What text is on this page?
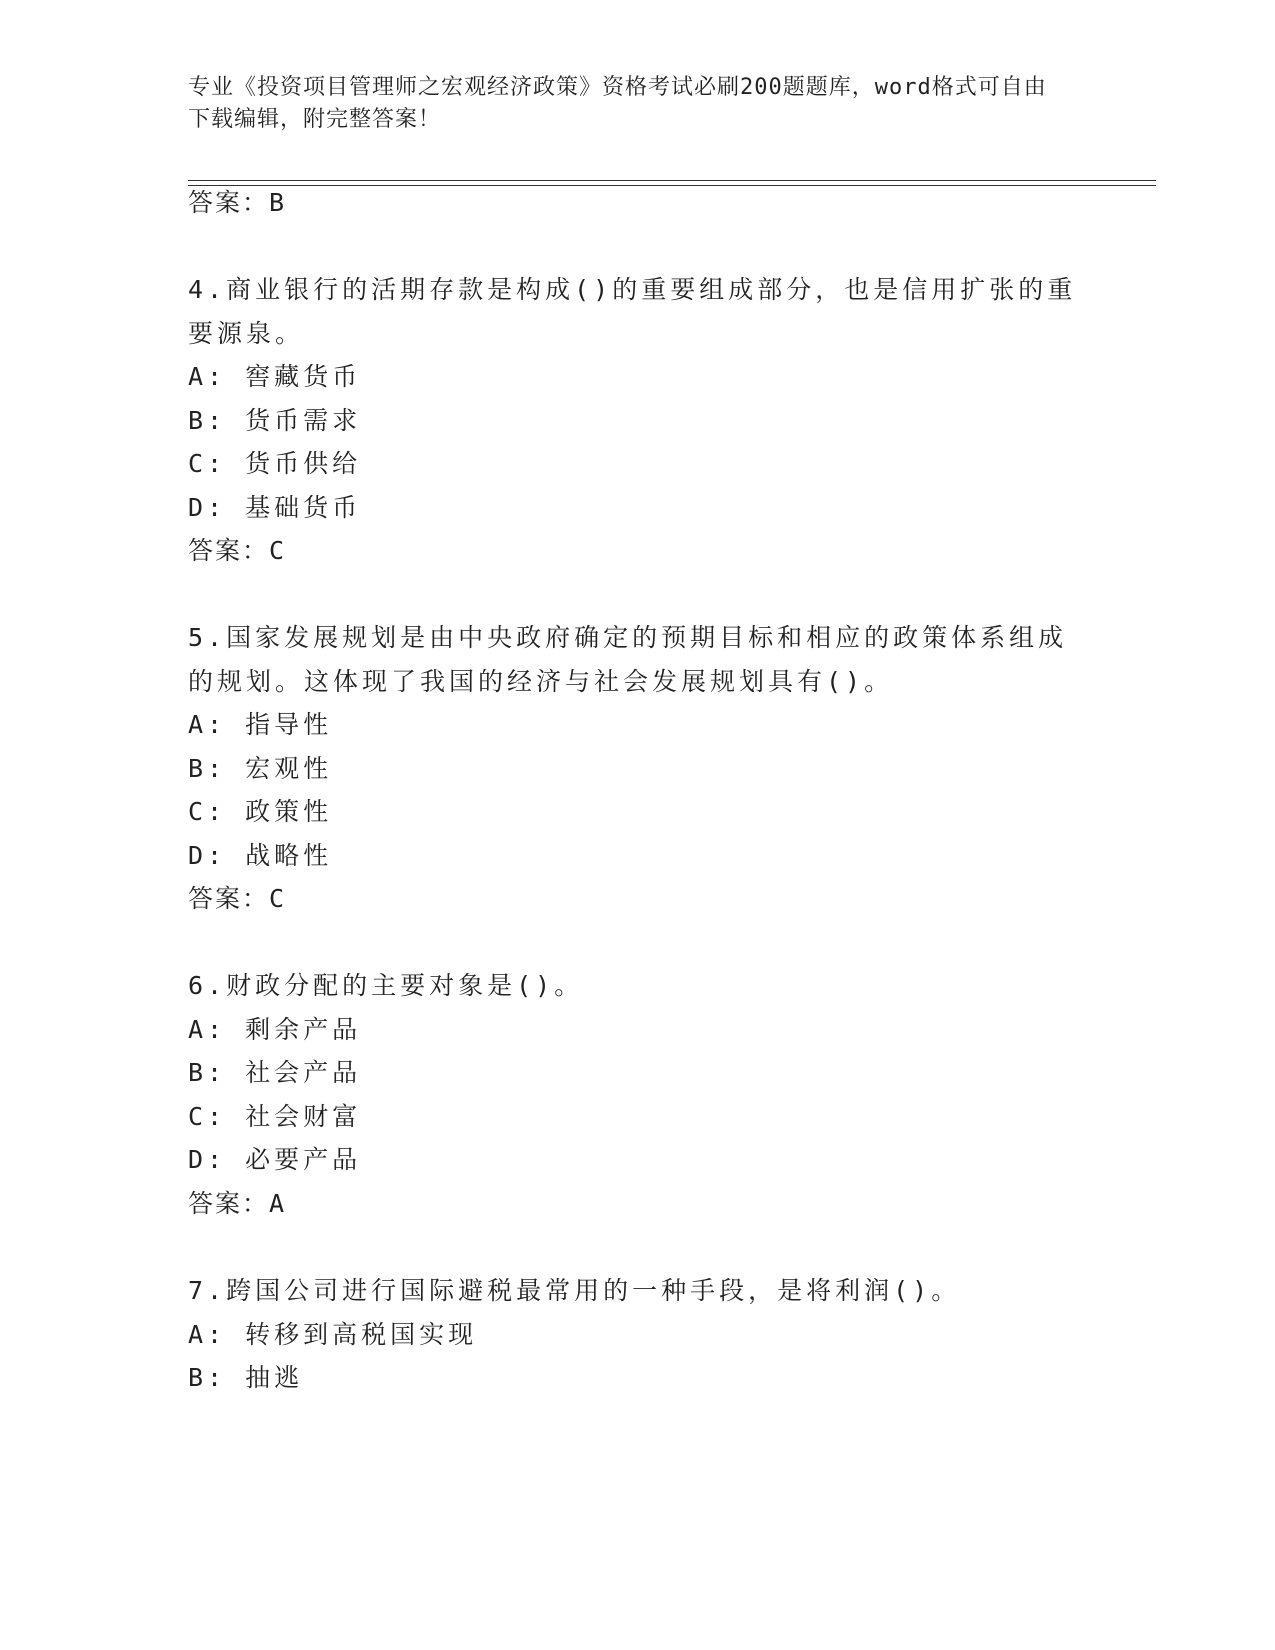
专业《投资项目管理师之宏观经济政策》资格考试必刷200题题库，word格式可自由下载编辑，附完整答案！
答案：B
4.商业银行的活期存款是构成()的重要组成部分，也是信用扩张的重
要源泉。
A: 窖藏货币
B: 货币需求
C: 货币供给
D: 基础货币
答案：C
5.国家发展规划是由中央政府确定的预期目标和相应的政策体系组成
的规划。这体现了我国的经济与社会发展规划具有()。
A: 指导性
B: 宏观性
C: 政策性
D: 战略性
答案：C
6.财政分配的主要对象是()。
A: 剩余产品
B: 社会产品
C: 社会财富
D: 必要产品
答案：A
7.跨国公司进行国际避税最常用的一种手段，是将利润()。
A: 转移到高税国实现
B: 抽逃
